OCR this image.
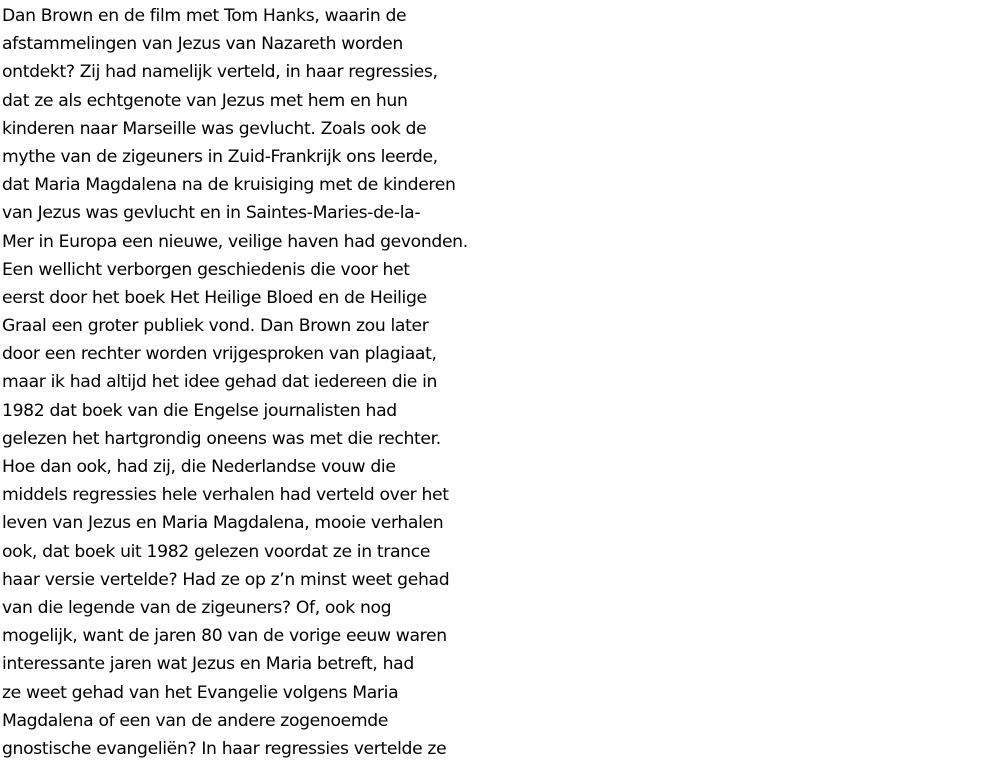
Dan Brown en de film met Tom Hanks, waarin de
afstammelingen van Jezus van Nazareth worden
ontdekt? Zij had namelijk verteld, in haar regressies,
dat ze als echtgenote van Jezus met hem en hun
kinderen naar Marseille was gevlucht. Zoals ook de
mythe van de zigeuners in Zuid-Frankrijk ons leerde,
dat Maria Magdalena na de kruisiging met de kinderen
van Jezus was gevlucht en in Saintes-Maries-de-la-
Mer in Europa een nieuwe, veilige haven had gevonden.
Een wellicht verborgen geschiedenis die voor het
eerst door het boek Het Heilige Bloed en de Heilige
Graal een groter publiek vond. Dan Brown zou later
door een rechter worden vrijgesproken van plagiaat,
maar ik had altijd het idee gehad dat iedereen die in
1982 dat boek van die Engelse journalisten had
gelezen het hartgrondig oneens was met die rechter.
Hoe dan ook, had zij, die Nederlandse vouw die
middels regressies hele verhalen had verteld over het
leven van Jezus en Maria Magdalena, mooie verhalen
ook, dat boek uit 1982 gelezen voordat ze in trance
haar versie vertelde? Had ze op z’n minst weet gehad
van die legende van de zigeuners? Of, ook nog
mogelijk, want de jaren 80 van de vorige eeuw waren
interessante jaren wat Jezus en Maria betreft, had
ze weet gehad van het Evangelie volgens Maria
Magdalena of een van de andere zogenoemde
gnostische evangeliën? In haar regressies vertelde ze
